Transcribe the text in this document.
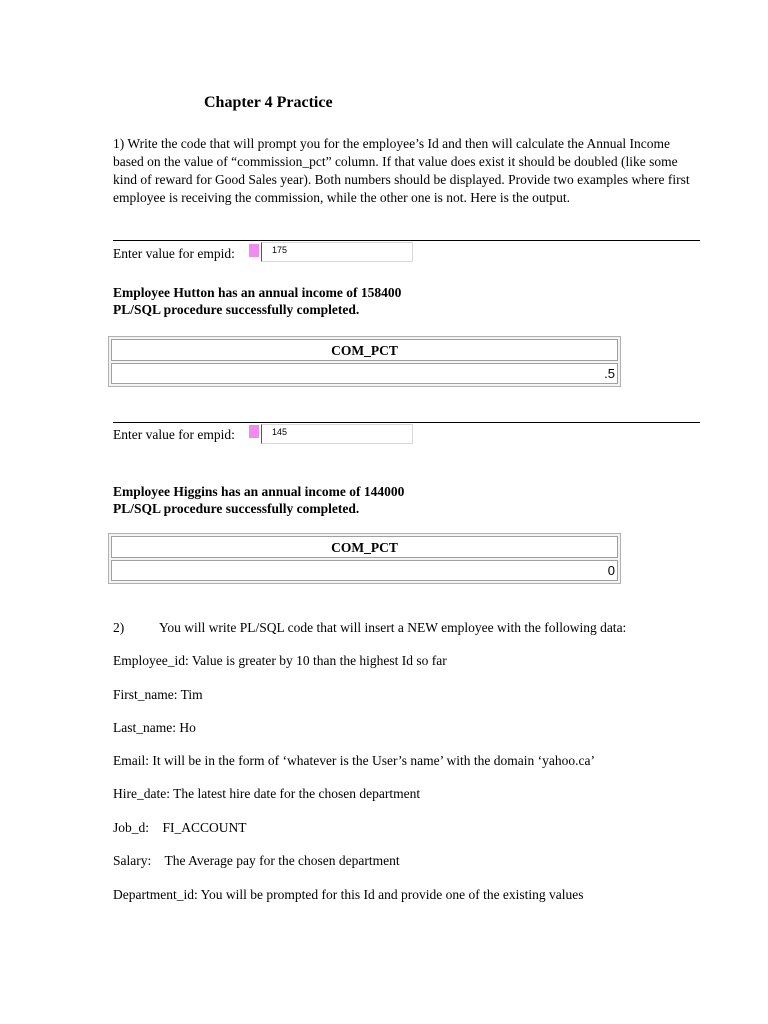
Chapter 4 Practice
1) Write the code that will prompt you for the employee’s Id and then will calculate the Annual Income based on the value of “commission_pct” column. If that value does exist it should be doubled (like some kind of reward for Good Sales year). Both numbers should be displayed. Provide two examples where first employee is receiving the commission, while the other one is not. Here is the output.
Enter value for empid:	175
Employee Hutton has an annual income of 158400
PL/SQL procedure successfully completed.
COM_PCT
.5
Enter value for empid:	145
Employee Higgins has an annual income of 144000
PL/SQL procedure successfully completed.
COM_PCT
0
2)	You will write PL/SQL code that will insert a NEW employee with the following data:
Employee_id: Value is greater by 10 than the highest Id so far
First_name: Tim
Last_name: Ho
Email: It will be in the form of ‘whatever is the User’s name’ with the domain ‘yahoo.ca’
Hire_date: The latest hire date for the chosen department
Job_d:    FI_ACCOUNT
Salary:    The Average pay for the chosen department
Department_id: You will be prompted for this Id and provide one of the existing values
